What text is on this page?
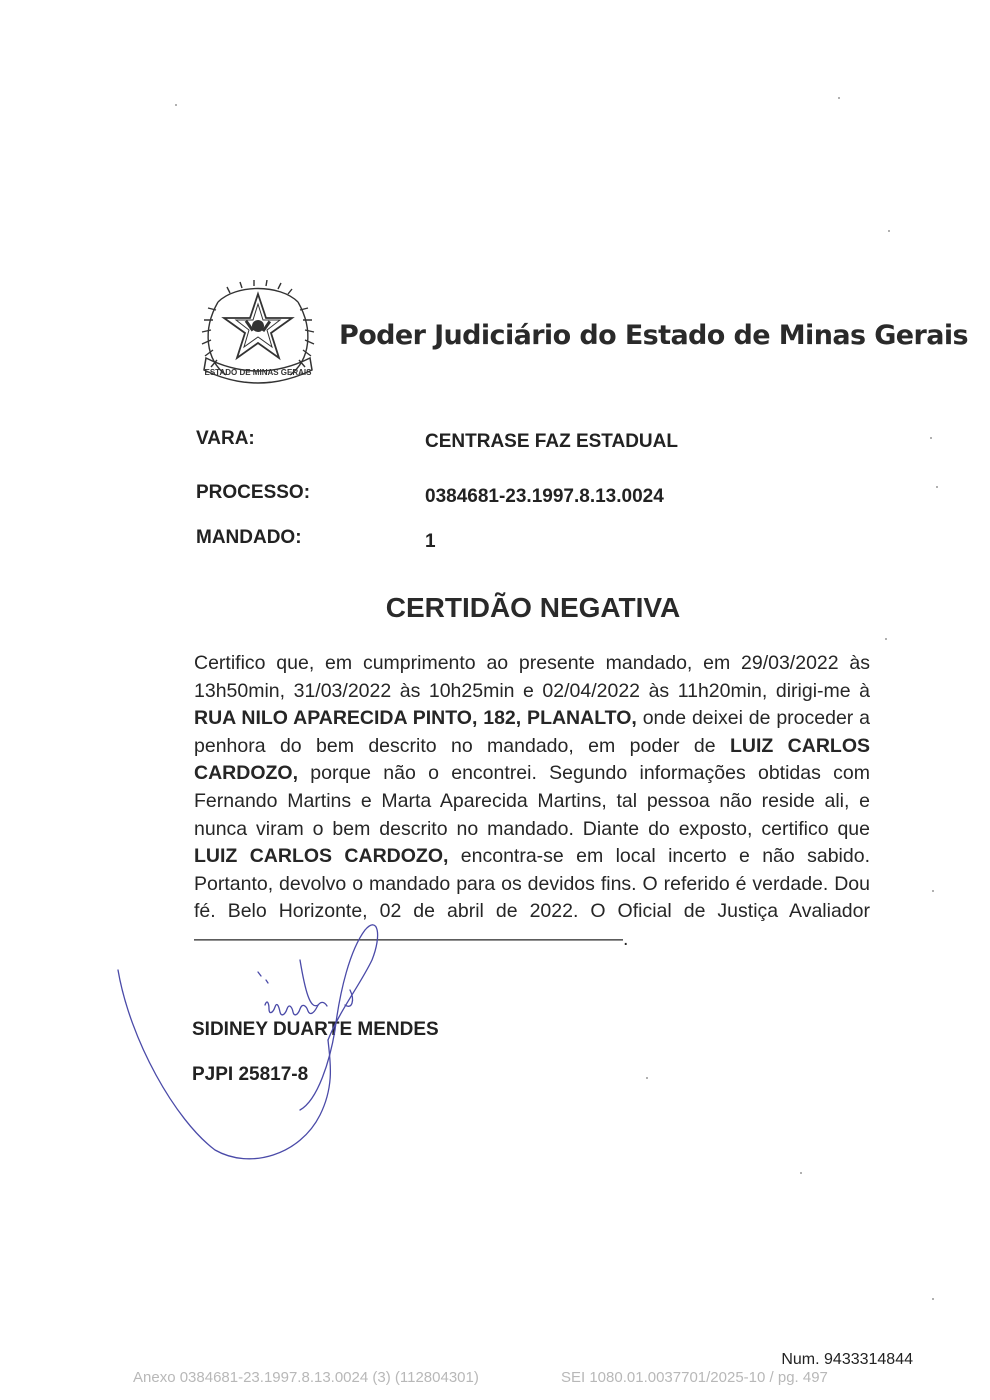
ESTADO DE MINAS GERAIS
Poder Judiciário do Estado de Minas Gerais
VARA:	CENTRASE FAZ ESTADUAL
PROCESSO:	0384681-23.1997.8.13.0024
MANDADO:	1
CERTIDÃO NEGATIVA
Certifico que, em cumprimento ao presente mandado, em 29/03/2022 às 13h50min, 31/03/2022 às 10h25min e 02/04/2022 às 11h20min, dirigi-me à RUA NILO APARECIDA PINTO, 182, PLANALTO, onde deixei de proceder a penhora do bem descrito no mandado, em poder de LUIZ CARLOS CARDOZO, porque não o encontrei. Segundo informações obtidas com Fernando Martins e Marta Aparecida Martins, tal pessoa não reside ali, e nunca viram o bem descrito no mandado. Diante do exposto, certifico que LUIZ CARLOS CARDOZO, encontra-se em local incerto e não sabido. Portanto, devolvo o mandado para os devidos fins. O referido é verdade. Dou fé. Belo Horizonte, 02 de abril de 2022. O Oficial de Justiça Avaliador——————————————————————.
SIDINEY DUARTE MENDES
PJPI 25817-8
Num. 9433314844
Anexo 0384681-23.1997.8.13.0024 (3) (112804301)	SEI 1080.01.0037701/2025-10 / pg. 497
